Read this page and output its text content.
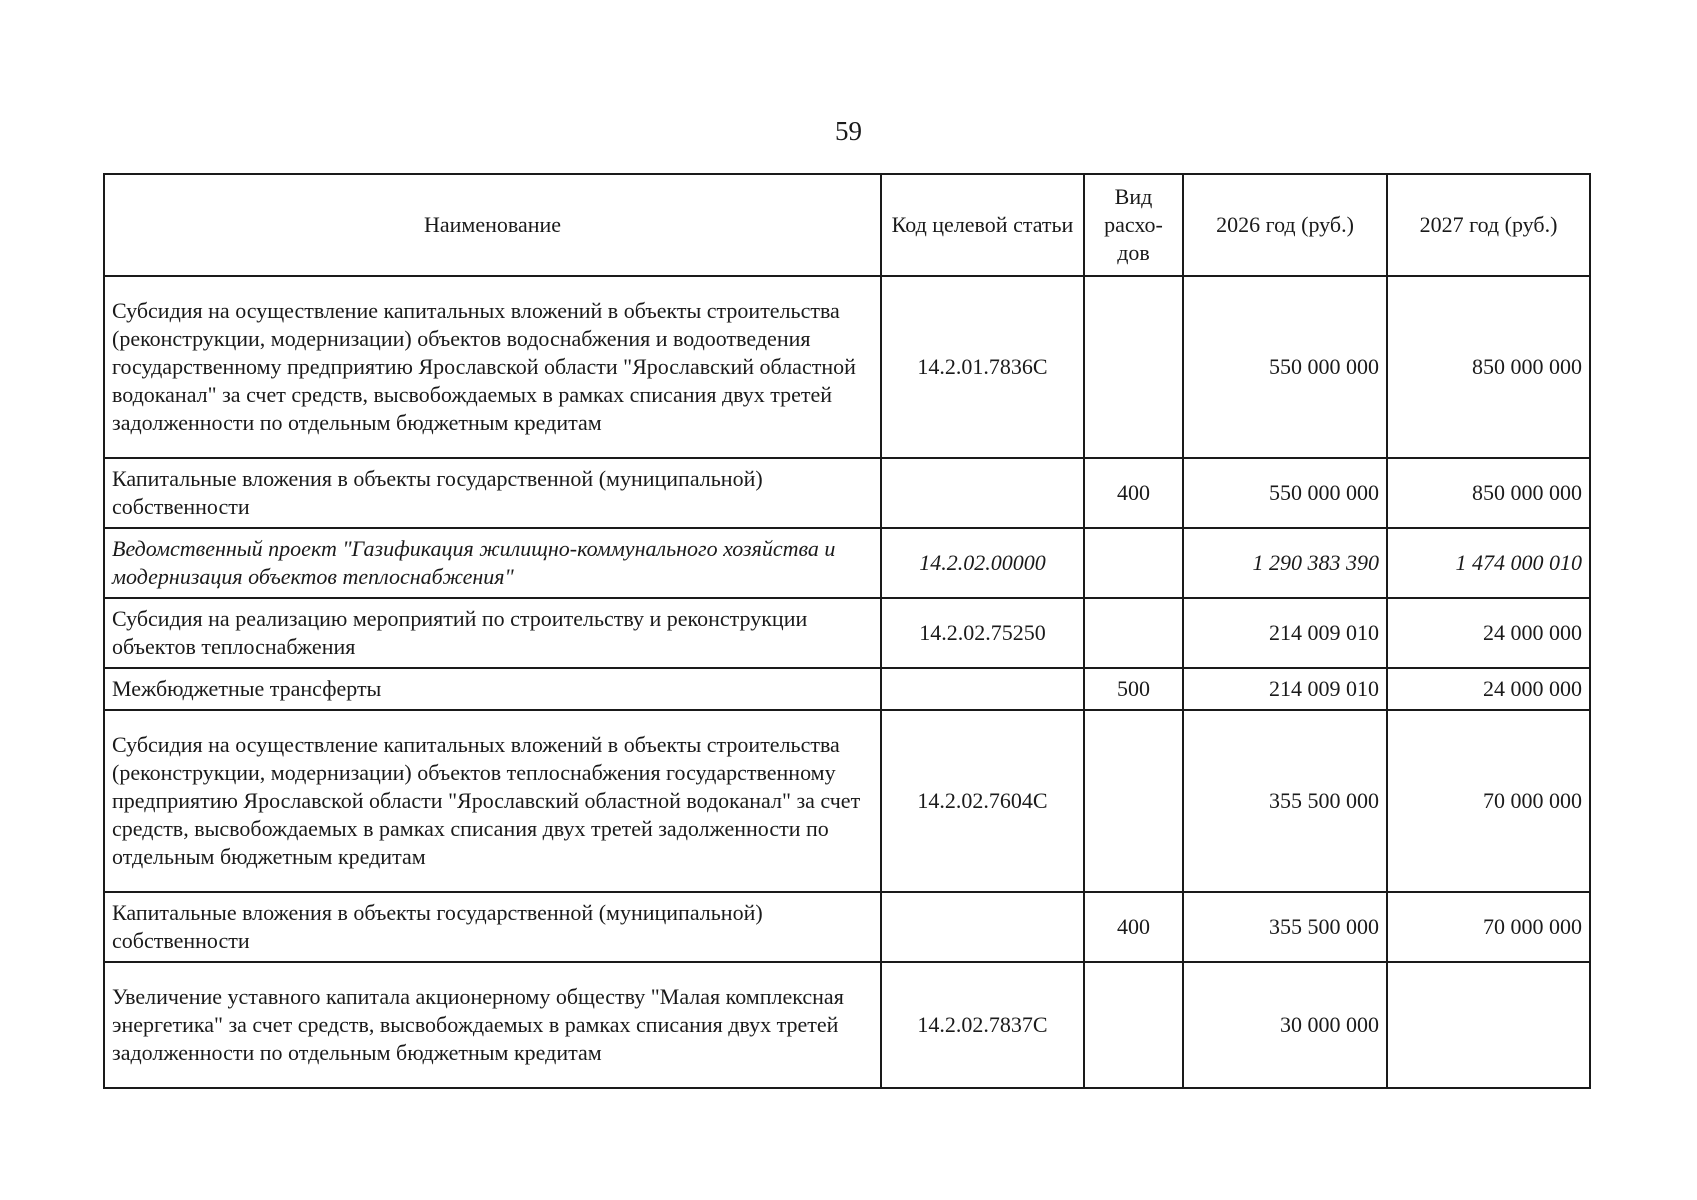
59
Наименование	Код целевой статьи	Вид расхо-дов	2026 год (руб.)	2027 год (руб.)
Субсидия на осуществление капитальных вложений в объекты строительства (реконструкции, модернизации) объектов водоснабжения и водоотведения государственному предприятию Ярославской области "Ярославский областной водоканал" за счет средств, высвобождаемых в рамках списания двух третей задолженности по отдельным бюджетным кредитам	14.2.01.7836С		550 000 000	850 000 000
Капитальные вложения в объекты государственной (муниципальной) собственности		400	550 000 000	850 000 000
Ведомственный проект "Газификация жилищно-коммунального хозяйства и модернизация объектов теплоснабжения"	14.2.02.00000		1 290 383 390	1 474 000 010
Субсидия на реализацию мероприятий по строительству и реконструкции объектов теплоснабжения	14.2.02.75250		214 009 010	24 000 000
Межбюджетные трансферты		500	214 009 010	24 000 000
Субсидия на осуществление капитальных вложений в объекты строительства (реконструкции, модернизации) объектов теплоснабжения государственному предприятию Ярославской области "Ярославский областной водоканал" за счет средств, высвобождаемых в рамках списания двух третей задолженности по отдельным бюджетным кредитам	14.2.02.7604С		355 500 000	70 000 000
Капитальные вложения в объекты государственной (муниципальной) собственности		400	355 500 000	70 000 000
Увеличение уставного капитала акционерному обществу "Малая комплексная энергетика" за счет средств, высвобождаемых в рамках списания двух третей задолженности по отдельным бюджетным кредитам	14.2.02.7837С		30 000 000	
